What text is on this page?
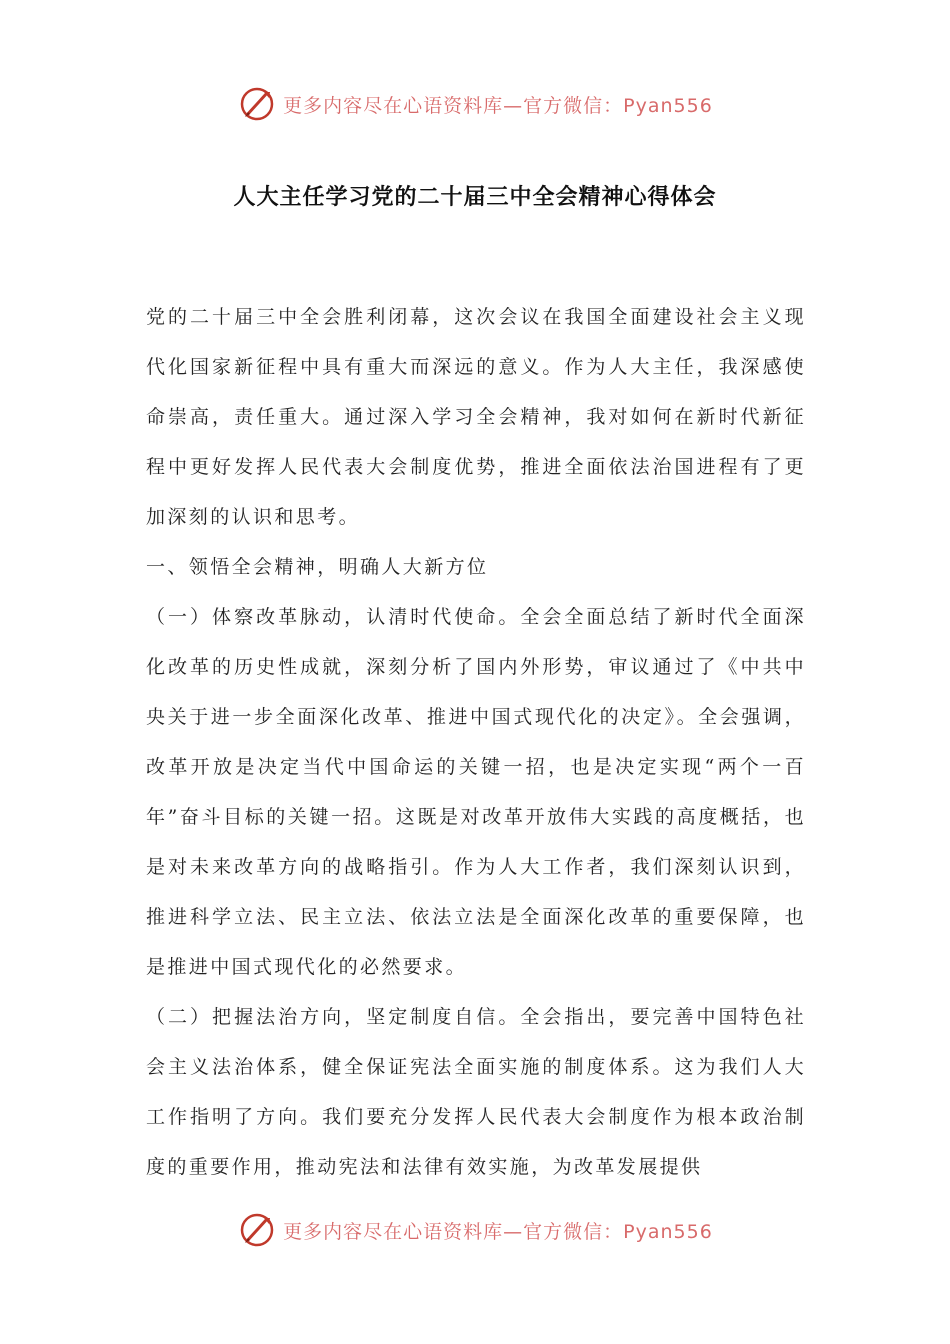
更多内容尽在心语资料库—官方微信：Pyan556
人大主任学习党的二十届三中全会精神心得体会

党的二十届三中全会胜利闭幕，这次会议在我国全面建设社会主义现代化国家新征程中具有重大而深远的意义。作为人大主任，我深感使命崇高，责任重大。通过深入学习全会精神，我对如何在新时代新征程中更好发挥人民代表大会制度优势，推进全面依法治国进程有了更加深刻的认识和思考。

一、领悟全会精神，明确人大新方位

（一）体察改革脉动，认清时代使命。全会全面总结了新时代全面深化改革的历史性成就，深刻分析了国内外形势，审议通过了《中共中央关于进一步全面深化改革、推进中国式现代化的决定》。全会强调，改革开放是决定当代中国命运的关键一招，也是决定实现“两个一百年”奋斗目标的关键一招。这既是对改革开放伟大实践的高度概括，也是对未来改革方向的战略指引。作为人大工作者，我们深刻认识到，推进科学立法、民主立法、依法立法是全面深化改革的重要保障，也是推进中国式现代化的必然要求。

（二）把握法治方向，坚定制度自信。全会指出，要完善中国特色社会主义法治体系，健全保证宪法全面实施的制度体系。这为我们人大工作指明了方向。我们要充分发挥人民代表大会制度作为根本政治制度的重要作用，推动宪法和法律有效实施，为改革发展提供

更多内容尽在心语资料库—官方微信：Pyan556
